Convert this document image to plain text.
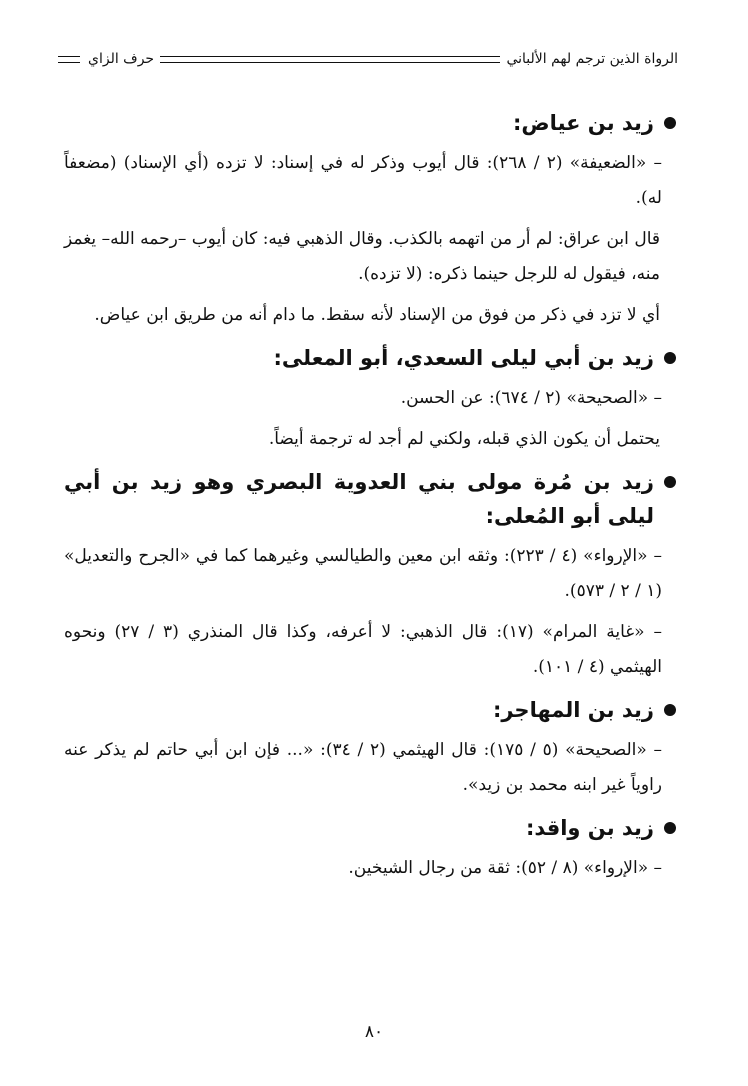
الرواة الذين ترجم لهم الألباني
حرف الزاي
زيد بن عياض:

– «الضعيفة» (٢ / ٢٦٨): قال أيوب وذكر له في إسناد: لا تزده (أي الإسناد) (مضعفاً له).

قال ابن عراق: لم أر من اتهمه بالكذب. وقال الذهبي فيه: كان أيوب –رحمه الله– يغمز منه، فيقول له للرجل حينما ذكره: (لا تزده).

أي لا تزد في ذكر من فوق من الإسناد لأنه سقط. ما دام أنه من طريق ابن عياض.

زيد بن أبي ليلى السعدي، أبو المعلى:

– «الصحيحة» (٢ / ٦٧٤): عن الحسن.

يحتمل أن يكون الذي قبله، ولكني لم أجد له ترجمة أيضاً.

زيد بن مُرة مولى بني العدوية البصري وهو زيد بن أبي ليلى أبو المُعلى:

– «الإرواء» (٤ / ٢٢٣): وثقه ابن معين والطيالسي وغيرهما كما في «الجرح والتعديل» (١ / ٢ / ٥٧٣).

– «غاية المرام» (١٧): قال الذهبي: لا أعرفه، وكذا قال المنذري (٣ / ٢٧) ونحوه الهيثمي (٤ / ١٠١).

زيد بن المهاجر:

– «الصحيحة» (٥ / ١٧٥): قال الهيثمي (٢ / ٣٤): «... فإن ابن أبي حاتم لم يذكر عنه راوياً غير ابنه محمد بن زيد».

زيد بن واقد:

– «الإرواء» (٨ / ٥٢): ثقة من رجال الشيخين.

٨٠
